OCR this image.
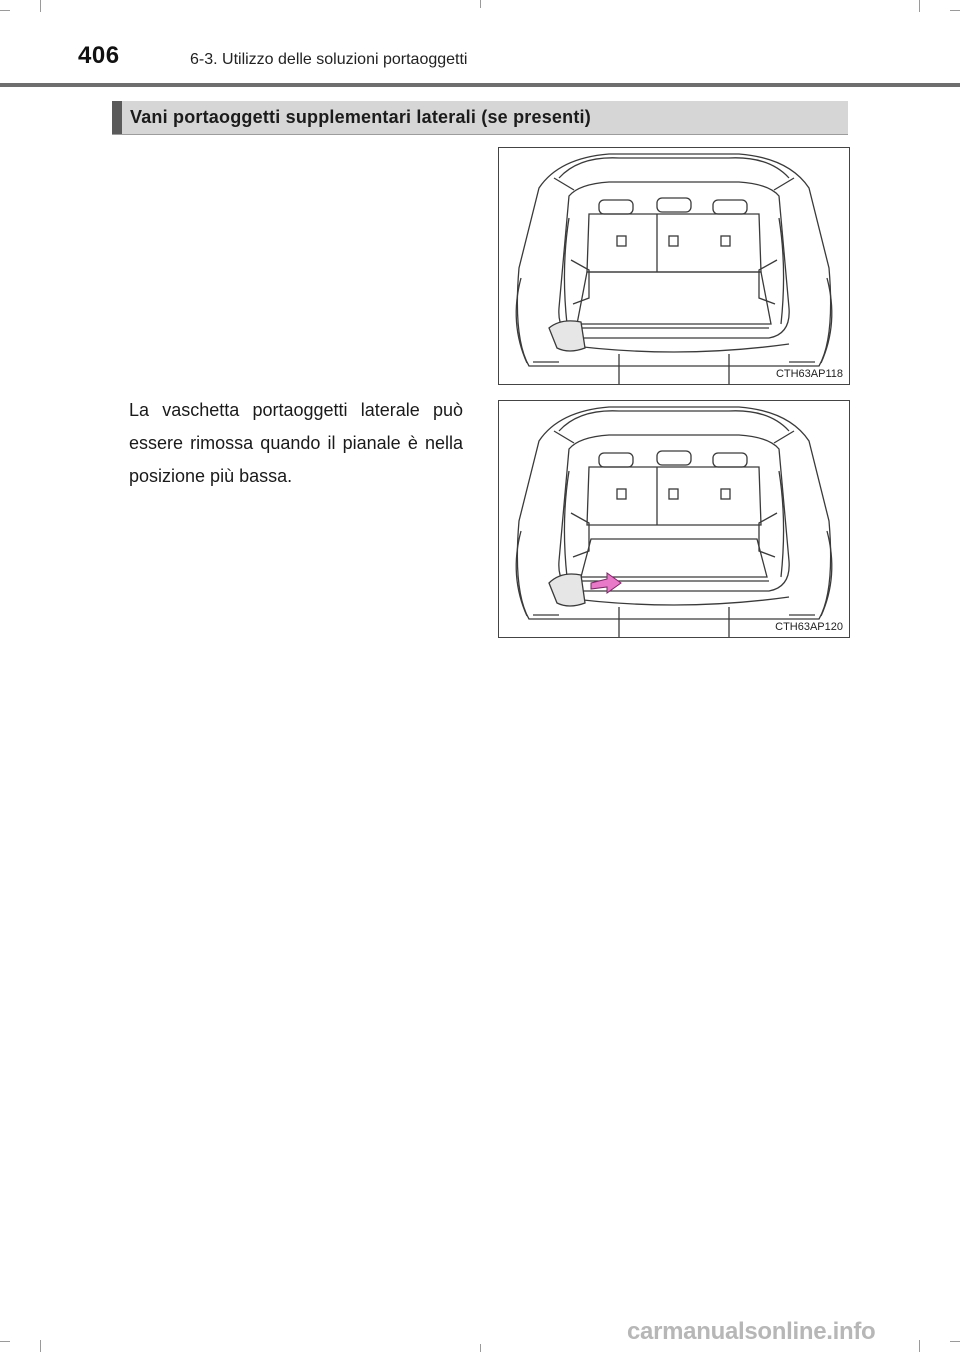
406	6-3. Utilizzo delle soluzioni portaoggetti
Vani portaoggetti supplementari laterali (se presenti)
CTH63AP118
La vaschetta portaoggetti laterale può essere rimossa quando il pianale è nella posizione più bassa.
CTH63AP120
carmanualsonline.info
